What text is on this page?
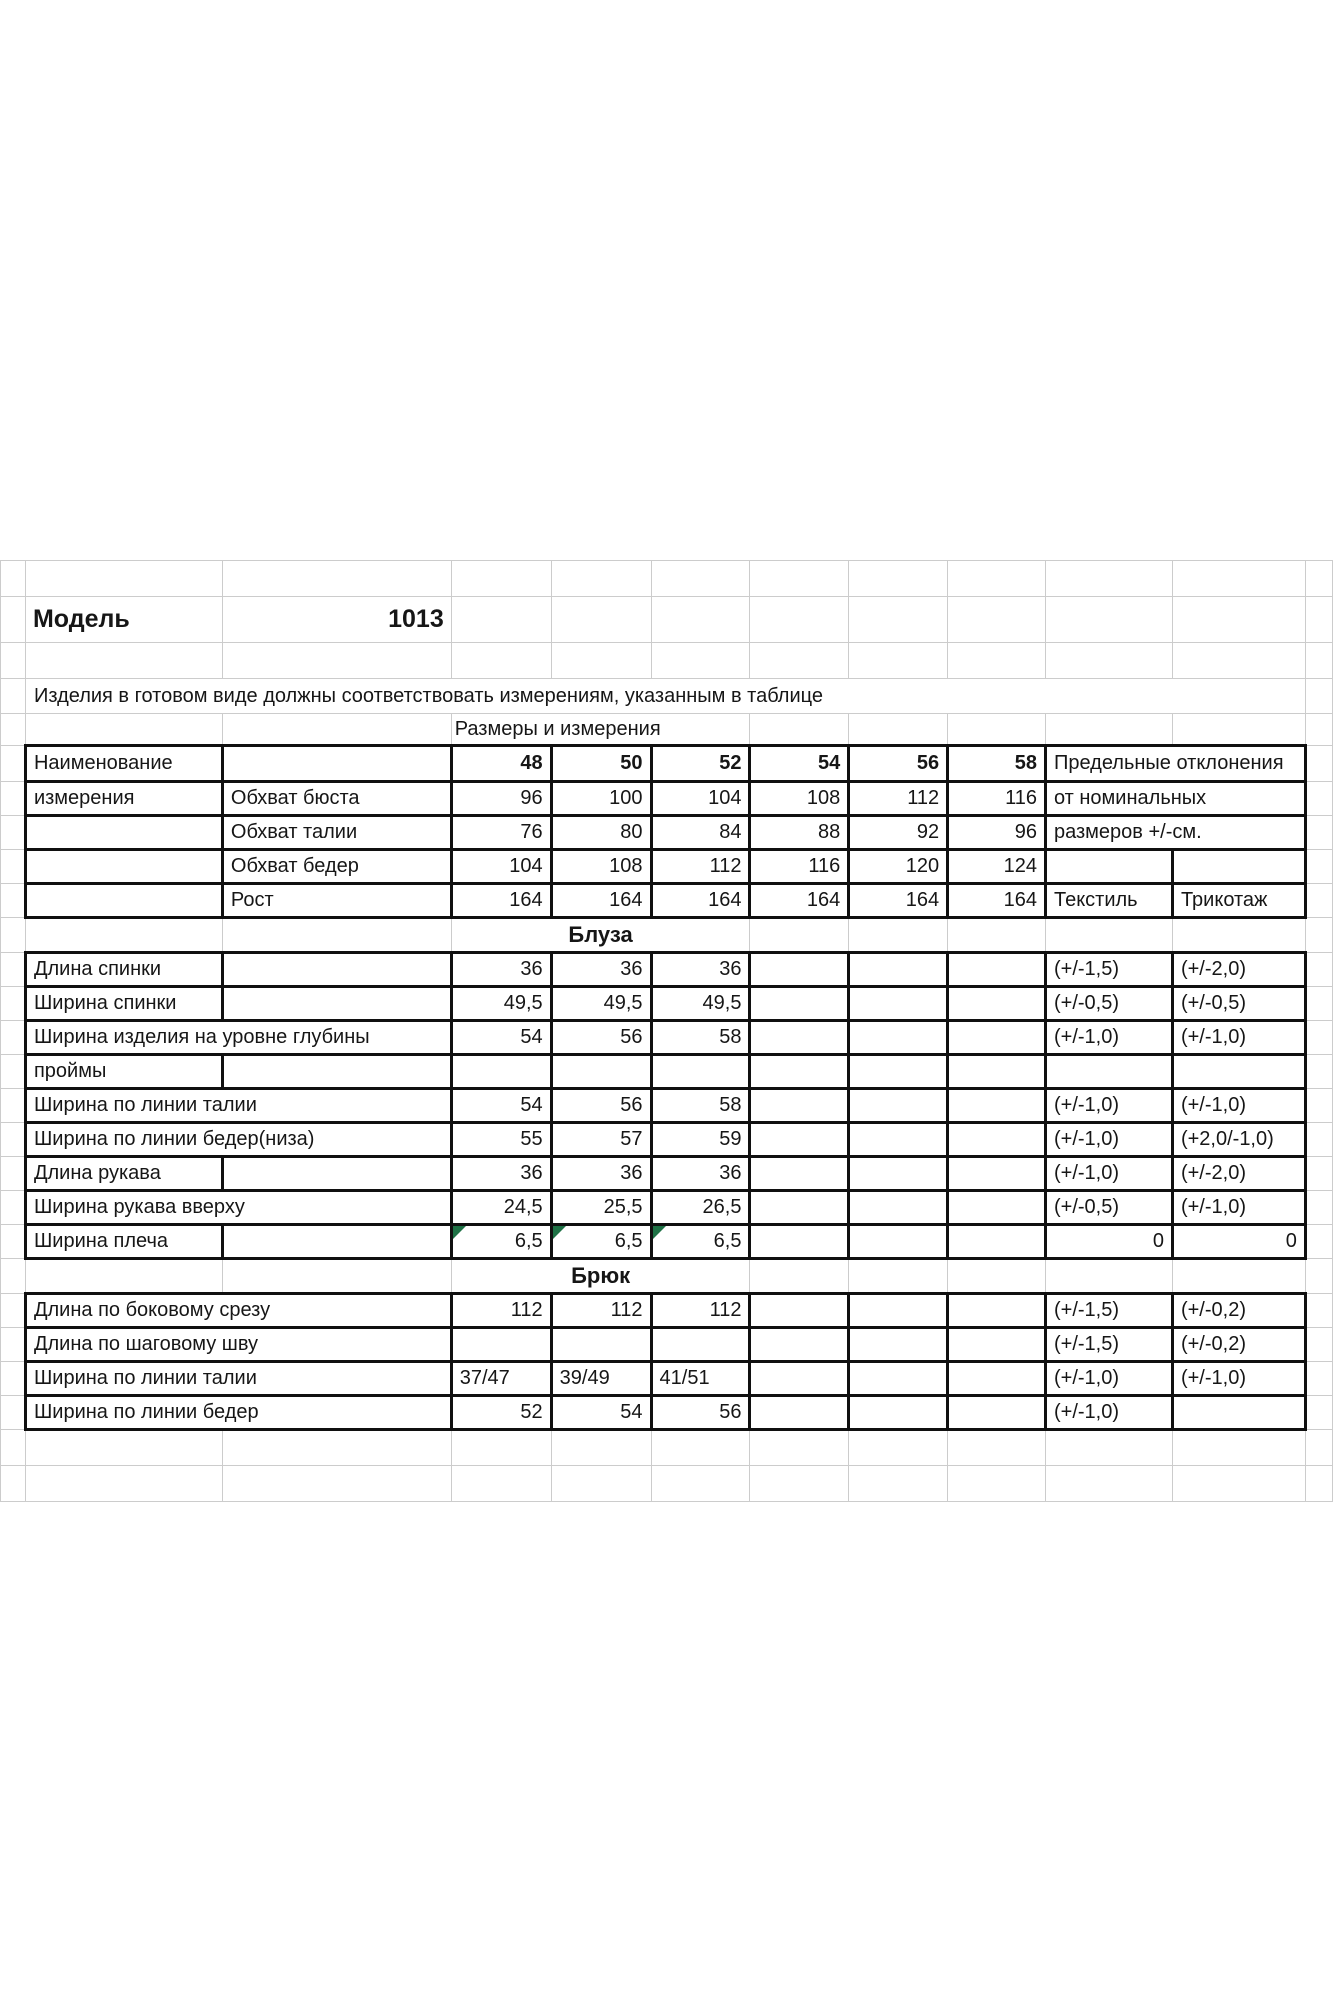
	Модель	1013									

	Изделия в готовом виде должны соответствовать измерениям, указанным в таблице										
			Размеры и измерения								
	Наименование		48	50	52	54	56	58	Предельные отклонения		
	измерения	Обхват бюста	96	100	104	108	112	116	от номинальных		
		Обхват талии	76	80	84	88	92	96	размеров +/-см.		
		Обхват бедер	104	108	112	116	120	124			
		Рост	164	164	164	164	164	164	Текстиль	Трикотаж	
			Блуза								
	Длина спинки		36	36	36				(+/-1,5)	(+/-2,0)	
	Ширина спинки		49,5	49,5	49,5				(+/-0,5)	(+/-0,5)	
	Ширина изделия на уровне глубины		54	56	58				(+/-1,0)	(+/-1,0)	
	проймы										
	Ширина по линии талии		54	56	58				(+/-1,0)	(+/-1,0)	
	Ширина по линии бедер(низа)		55	57	59				(+/-1,0)	(+2,0/-1,0)	
	Длина рукава		36	36	36				(+/-1,0)	(+/-2,0)	
	Ширина рукава вверху		24,5	25,5	26,5				(+/-0,5)	(+/-1,0)	
	Ширина плеча		6,5	6,5	6,5				0	0	
			Брюк								
	Длина по боковому срезу		112	112	112				(+/-1,5)	(+/-0,2)	
	Длина по шаговому шву								(+/-1,5)	(+/-0,2)	
	Ширина по линии талии		37/47	39/49	41/51				(+/-1,0)	(+/-1,0)	
	Ширина по линии бедер		52	54	56				(+/-1,0)		
